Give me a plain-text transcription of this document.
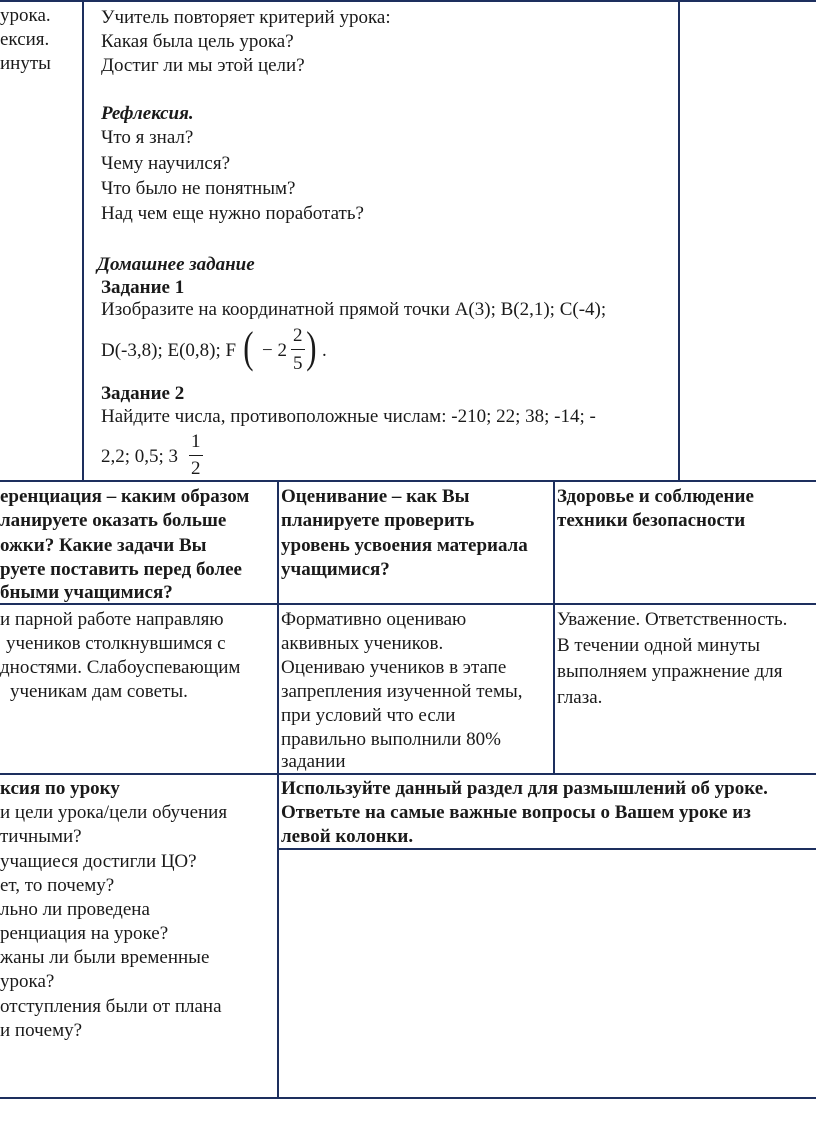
урока.
ексия.
инуты
Учитель повторяет критерий урока:
Какая была цель урока?
Достиг ли мы этой цели?
Рефлексия.
Что я знал?
Чему научился?
Что было не понятным?
Над чем еще нужно поработать?
Домашнее задание
Задание 1
Изобразите на координатной прямой точки А(3); В(2,1); С(-4);
D(-3,8); Е(0,8); F ( − 2
2
5 ) .
Задание 2
Найдите числа, противоположные числам: -210; 22; 38; -14; -
2,2; 0,5; 3
1
2
еренциация – каким образом
ланируете оказать больше
ожки? Какие задачи Вы
руете поставить перед более
бными учащимися?
Оценивание – как Вы
планируете проверить
уровень усвоения материала
учащимися?
Здоровье и соблюдение
техники безопасности
и парной работе направляю
учеников столкнувшимся с
дностями. Слабоуспевающим
ученикам дам советы.
Формативно оцениваю
аквивных учеников.
Оцениваю учеников в этапе
запрепления изученной темы,
при условий что если
правильно выполнили 80%
задании
Уважение. Ответственность.
В течении одной минуты
выполняем упражнение для
глаза.
ксия по уроку
и цели урока/цели обучения
тичными?
учащиеся достигли ЦО?
ет, то почему?
льно ли проведена
ренциация на уроке?
жаны ли были временные
урока?
отступления были от плана
и почему?
Используйте данный раздел для размышлений об уроке.
Ответьте на самые важные вопросы о Вашем уроке из
левой колонки.
